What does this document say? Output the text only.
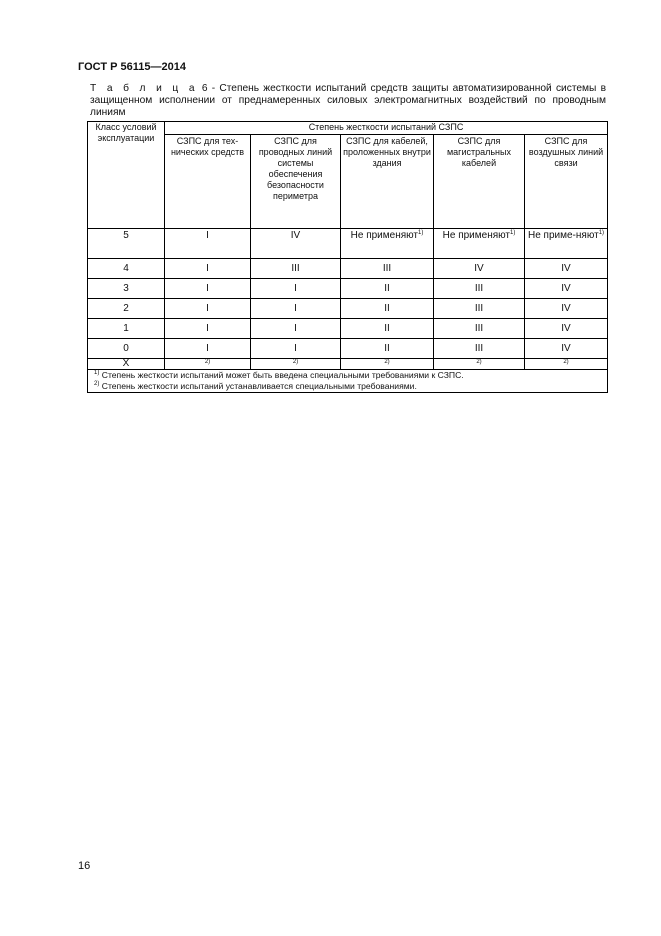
ГОСТ Р 56115—2014
Т а б л и ц а 6 - Степень жесткости испытаний средств защиты автоматизированной системы в защищенном исполнении от преднамеренных силовых электромагнитных воздействий по проводным линиям
Класс условий эксплуатации	Степень жесткости испытаний СЗПС				
	СЗПС для тех-нических средств	СЗПС для проводных линий системы обеспечения безопасности периметра	СЗПС для кабелей, проложенных внутри здания	СЗПС для магистральных кабелей	СЗПС для воздушных линий связи
5	I	IV	Не применяют$^{1)}$	Не применяют$^{1)}$	Не приме-няют$^{1)}$
4	I	III	III	IV	IV
3	I	I	II	III	IV
2	I	I	II	III	IV
1	I	I	II	III	IV
0	I	I	II	III	IV
X	$^{2)}$	$^{2)}$	$^{2)}$	$^{2)}$	$^{2)}$

$^{1)}$ Степень жесткости испытаний может быть введена специальными требованиями к СЗПС.
$^{2)}$ Степень жесткости испытаний устанавливается специальными требованиями.					
16
